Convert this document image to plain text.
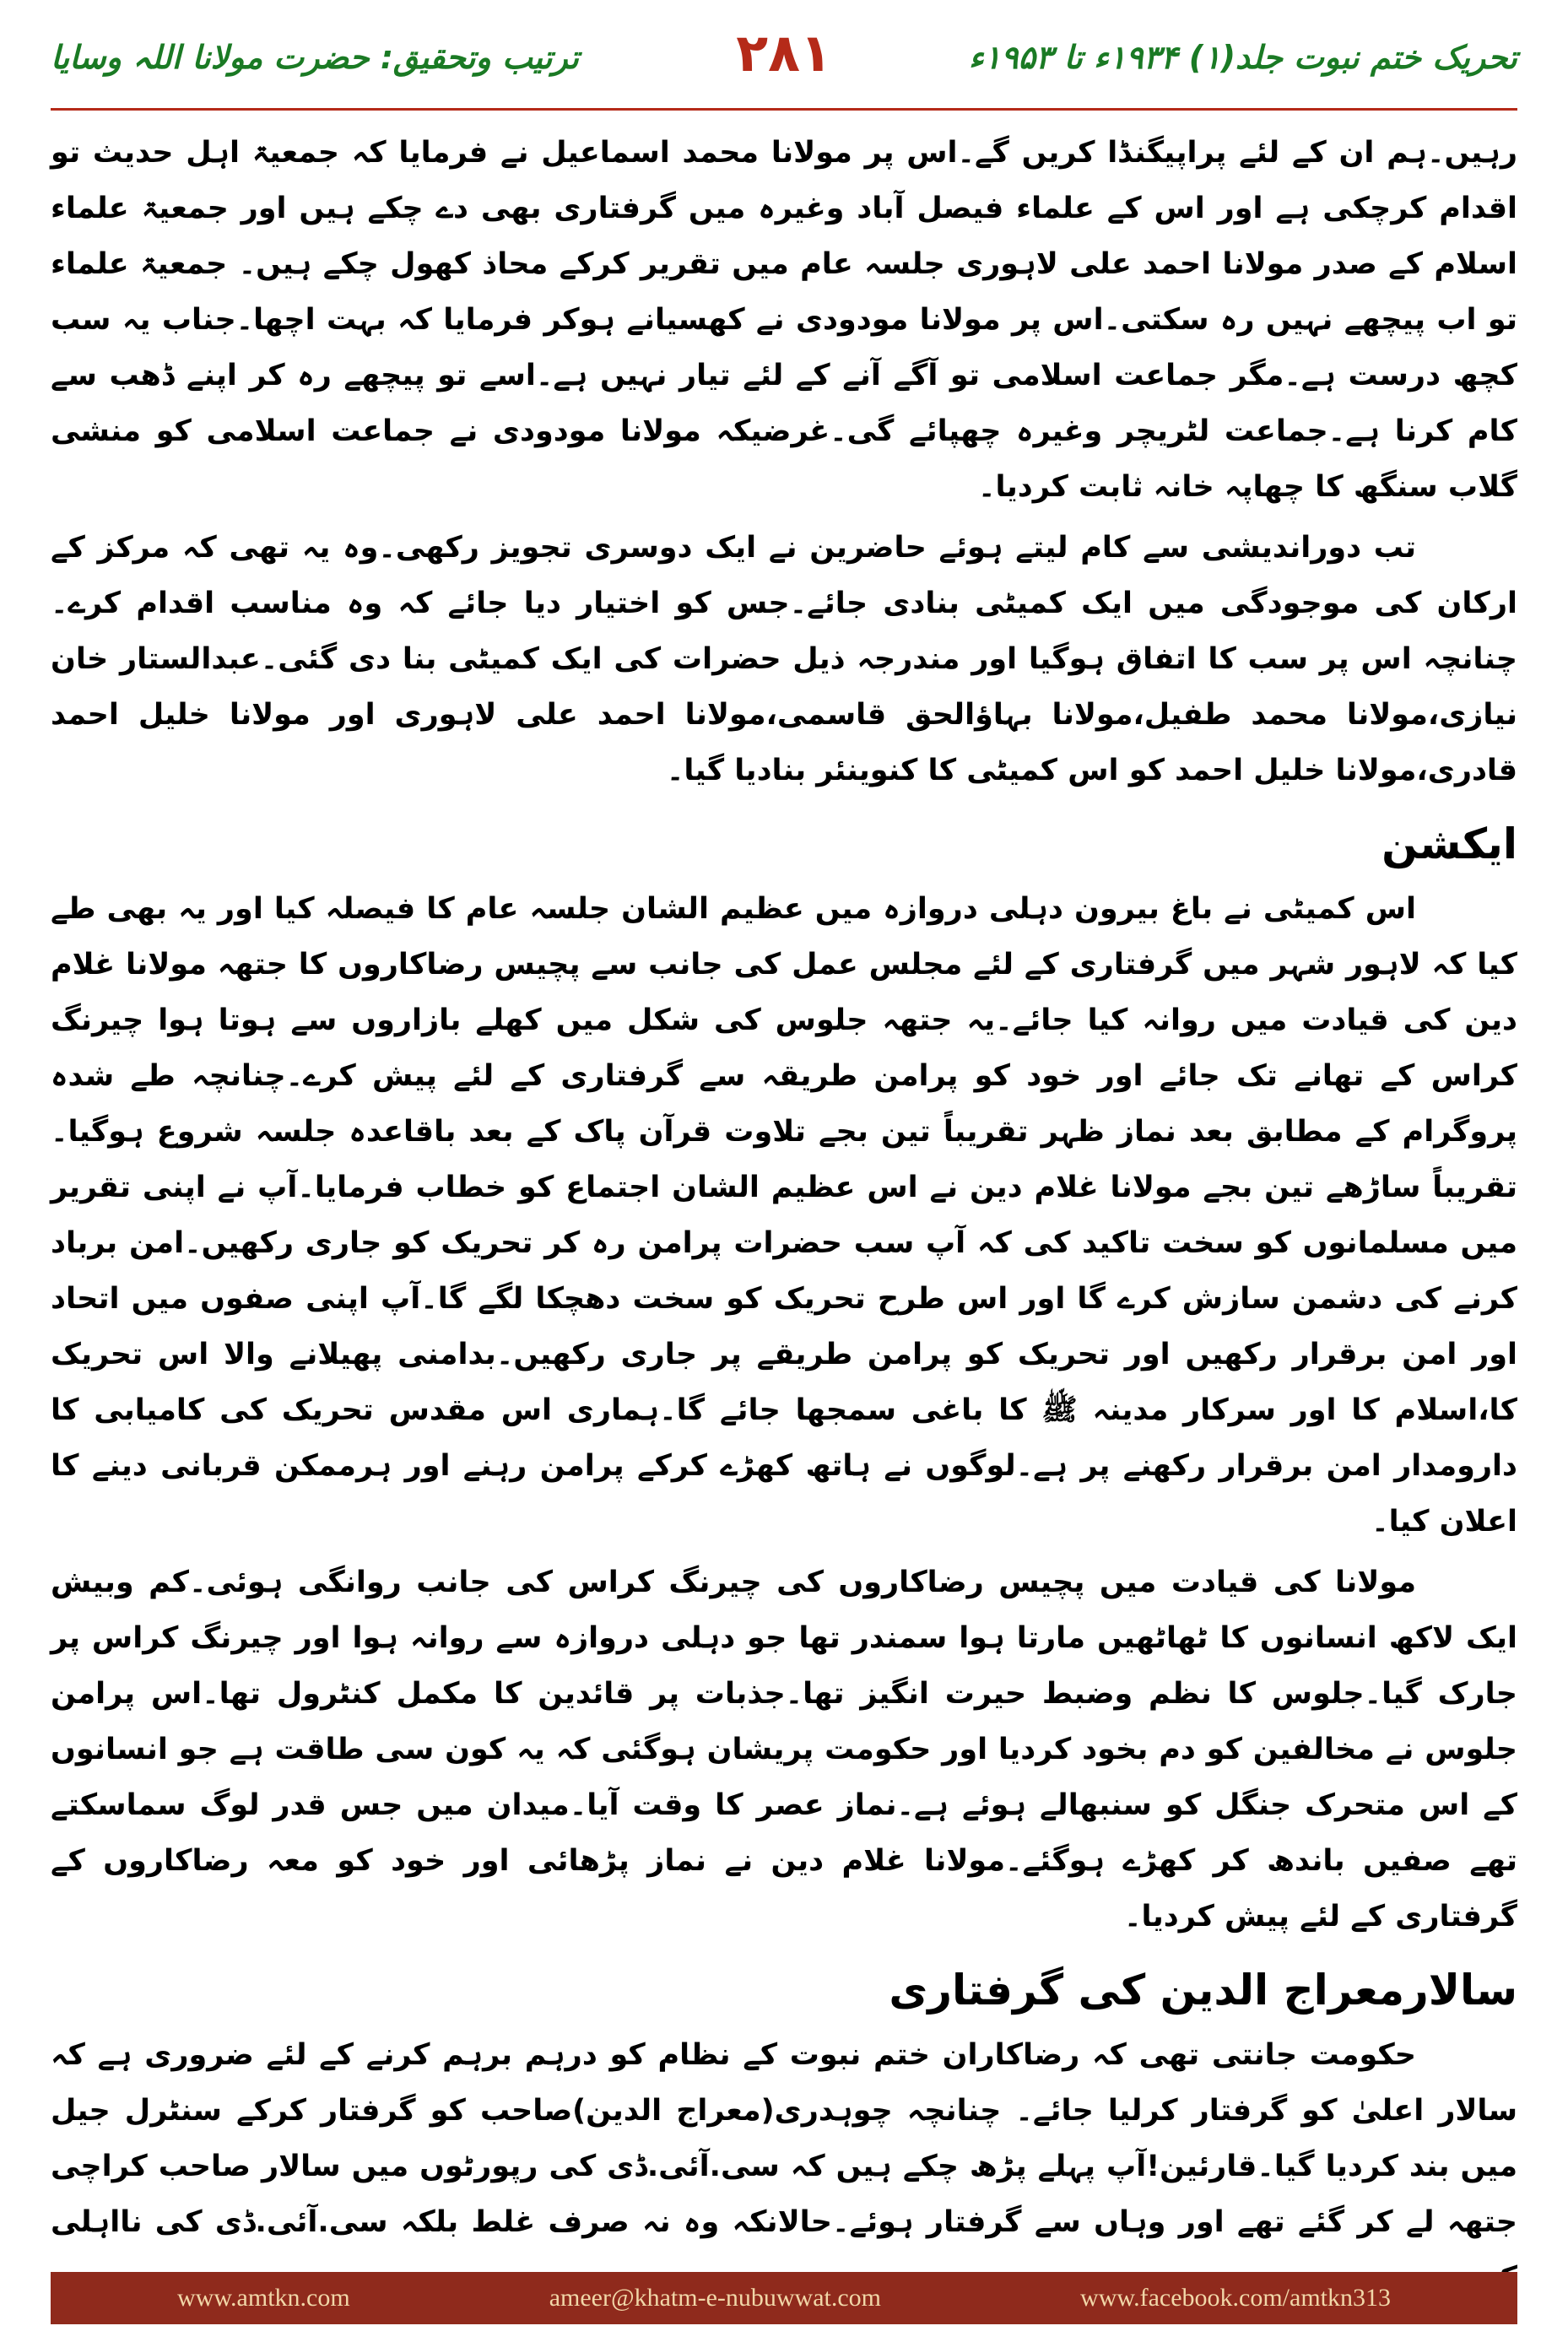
تحریک ختم نبوت جلد(۱) ۱۹۳۴ء تا ۱۹۵۳ء
۲۸۱
ترتیب وتحقیق: حضرت مولانا اللہ وسایا

رہیں۔ہم ان کے لئے پراپیگنڈا کریں گے۔اس پر مولانا محمد اسماعیل نے فرمایا کہ جمعیۃ اہل حدیث تو اقدام کرچکی ہے اور اس کے علماء فیصل آباد وغیرہ میں گرفتاری بھی دے چکے ہیں اور جمعیۃ علماء اسلام کے صدر مولانا احمد علی لاہوری جلسہ عام میں تقریر کرکے محاذ کھول چکے ہیں۔ جمعیۃ علماء تو اب پیچھے نہیں رہ سکتی۔اس پر مولانا مودودی نے کھسیانے ہوکر فرمایا کہ بہت اچھا۔جناب یہ سب کچھ درست ہے۔مگر جماعت اسلامی تو آگے آنے کے لئے تیار نہیں ہے۔اسے تو پیچھے رہ کر اپنے ڈھب سے کام کرنا ہے۔جماعت لٹریچر وغیرہ چھپائے گی۔غرضیکہ مولانا مودودی نے جماعت اسلامی کو منشی گلاب سنگھ کا چھاپہ خانہ ثابت کردیا۔

تب دوراندیشی سے کام لیتے ہوئے حاضرین نے ایک دوسری تجویز رکھی۔وہ یہ تھی کہ مرکز کے ارکان کی موجودگی میں ایک کمیٹی بنادی جائے۔جس کو اختیار دیا جائے کہ وہ مناسب اقدام کرے۔چنانچہ اس پر سب کا اتفاق ہوگیا اور مندرجہ ذیل حضرات کی ایک کمیٹی بنا دی گئی۔عبدالستار خان نیازی،مولانا محمد طفیل،مولانا بہاؤالحق قاسمی،مولانا احمد علی لاہوری اور مولانا خلیل احمد قادری،مولانا خلیل احمد کو اس کمیٹی کا کنوینئر بنادیا گیا۔

ایکشن

اس کمیٹی نے باغ بیرون دہلی دروازہ میں عظیم الشان جلسہ عام کا فیصلہ کیا اور یہ بھی طے کیا کہ لاہور شہر میں گرفتاری کے لئے مجلس عمل کی جانب سے پچیس رضاکاروں کا جتھہ مولانا غلام دین کی قیادت میں روانہ کیا جائے۔یہ جتھہ جلوس کی شکل میں کھلے بازاروں سے ہوتا ہوا چیرنگ کراس کے تھانے تک جائے اور خود کو پرامن طریقہ سے گرفتاری کے لئے پیش کرے۔چنانچہ طے شدہ پروگرام کے مطابق بعد نماز ظہر تقریباً تین بجے تلاوت قرآن پاک کے بعد باقاعدہ جلسہ شروع ہوگیا۔تقریباً ساڑھے تین بجے مولانا غلام دین نے اس عظیم الشان اجتماع کو خطاب فرمایا۔آپ نے اپنی تقریر میں مسلمانوں کو سخت تاکید کی کہ آپ سب حضرات پرامن رہ کر تحریک کو جاری رکھیں۔امن برباد کرنے کی دشمن سازش کرے گا اور اس طرح تحریک کو سخت دھچکا لگے گا۔آپ اپنی صفوں میں اتحاد اور امن برقرار رکھیں اور تحریک کو پرامن طریقے پر جاری رکھیں۔بدامنی پھیلانے والا اس تحریک کا،اسلام کا اور سرکار مدینہ ﷺ کا باغی سمجھا جائے گا۔ہماری اس مقدس تحریک کی کامیابی کا دارومدار امن برقرار رکھنے پر ہے۔لوگوں نے ہاتھ کھڑے کرکے پرامن رہنے اور ہرممکن قربانی دینے کا اعلان کیا۔

مولانا کی قیادت میں پچیس رضاکاروں کی چیرنگ کراس کی جانب روانگی ہوئی۔کم وبیش ایک لاکھ انسانوں کا ٹھاٹھیں مارتا ہوا سمندر تھا جو دہلی دروازہ سے روانہ ہوا اور چیرنگ کراس پر جارک گیا۔جلوس کا نظم وضبط حیرت انگیز تھا۔جذبات پر قائدین کا مکمل کنٹرول تھا۔اس پرامن جلوس نے مخالفین کو دم بخود کردیا اور حکومت پریشان ہوگئی کہ یہ کون سی طاقت ہے جو انسانوں کے اس متحرک جنگل کو سنبھالے ہوئے ہے۔نماز عصر کا وقت آیا۔میدان میں جس قدر لوگ سماسکتے تھے صفیں باندھ کر کھڑے ہوگئے۔مولانا غلام دین نے نماز پڑھائی اور خود کو معہ رضاکاروں کے گرفتاری کے لئے پیش کردیا۔

سالارمعراج الدین کی گرفتاری

حکومت جانتی تھی کہ رضاکاران ختم نبوت کے نظام کو درہم برہم کرنے کے لئے ضروری ہے کہ سالار اعلیٰ کو گرفتار کرلیا جائے۔ چنانچہ چوہدری(معراج الدین)صاحب کو گرفتار کرکے سنٹرل جیل میں بند کردیا گیا۔قارئین!آپ پہلے پڑھ چکے ہیں کہ سی.آئی.ڈی کی رپورٹوں میں سالار صاحب کراچی جتھہ لے کر گئے تھے اور وہاں سے گرفتار ہوئے۔حالانکہ وہ نہ صرف غلط بلکہ سی.آئی.ڈی کی نااہلی

www.amtkn.com	ameer@khatm-e-nubuwwat.com	www.facebook.com/amtkn313
